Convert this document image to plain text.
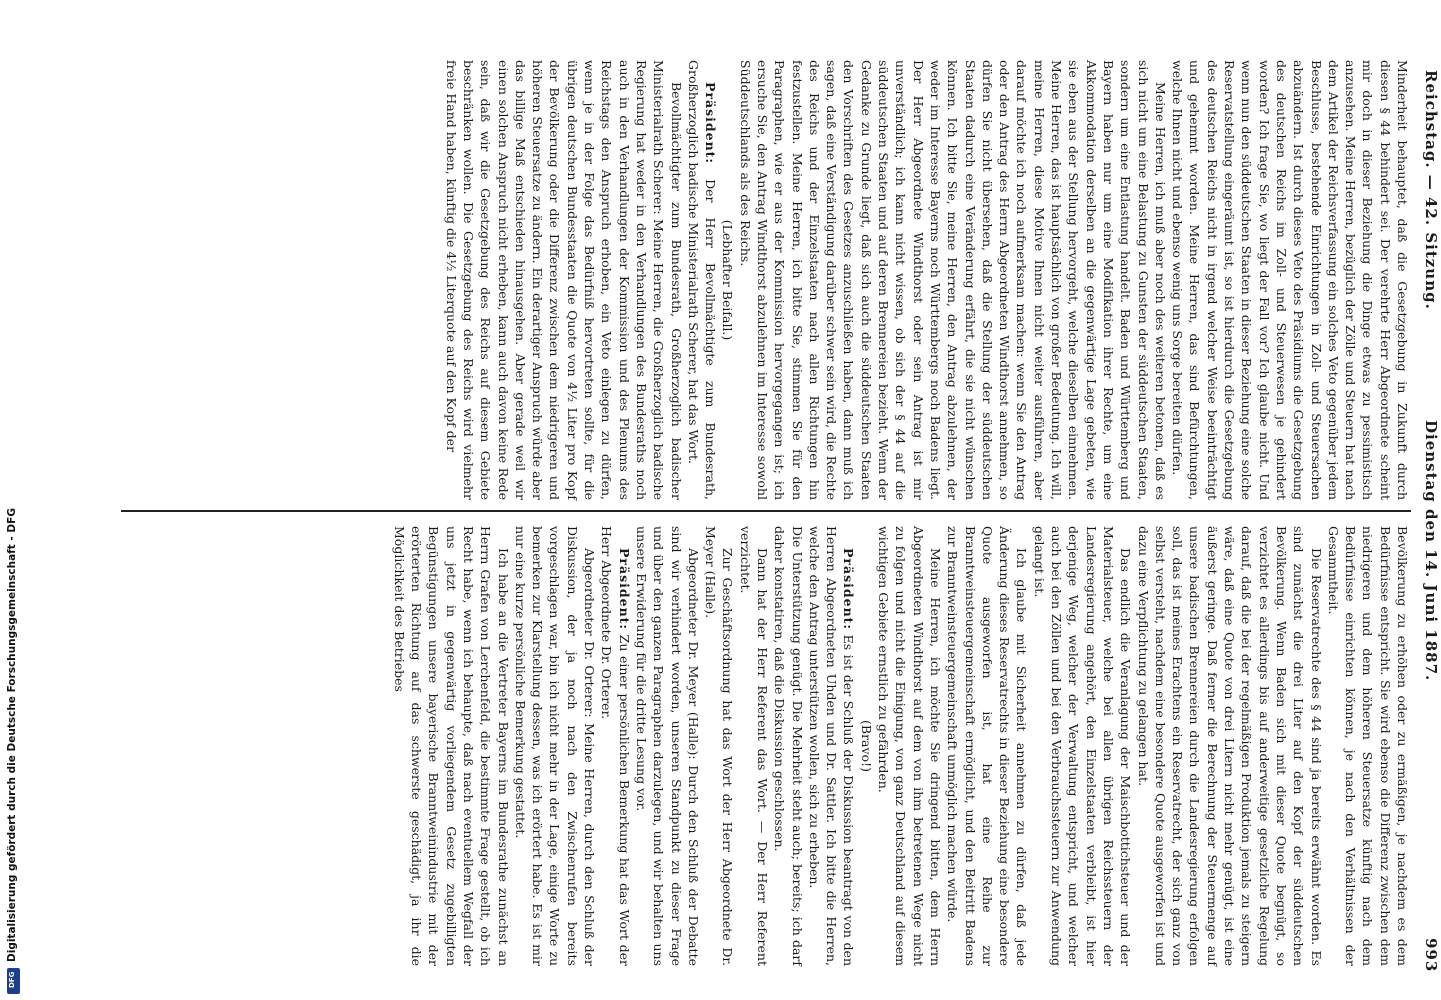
Reichstag. — 42. Sitzung.
Dienstag den 14. Juni 1887.
993

Minderheit behauptet, daß die Gesetzgebung in Zukunft durch diesen § 44 behindert sei. Der verehrte Herr Abgeordnete scheint mir doch in dieser Beziehung die Dinge etwas zu pessimistisch anzusehen. Meine Herren, bezüglich der Zölle und Steuern hat nach dem Artikel der Reichsverfassung ein solches Veto gegenüber jedem Beschlusse, bestehende Einrichtungen in Zoll- und Steuersachen abzuändern. Ist durch dieses Veto des Präsidiums die Gesetzgebung des deutschen Reichs im Zoll- und Steuerwesen je gehindert worden? Ich frage Sie, wo liegt der Fall vor? Ich glaube nicht. Und wenn nun den süddeutschen Staaten in dieser Beziehung eine solche Reservatstellung eingeräumt ist, so ist hierdurch die Gesetzgebung des deutschen Reichs nicht in irgend welcher Weise beeinträchtigt und gehemmt worden. Meine Herren, das sind Befürchtungen, welche Ihnen nicht und ebenso wenig uns Sorge bereiten dürfen.

Meine Herren, ich muß aber noch des weiteren betonen, daß es sich nicht um eine Belastung zu Gunsten der süddeutschen Staaten, sondern um eine Entlastung handelt. Baden und Württemberg und Bayern haben nur um eine Modifikation ihrer Rechte, um eine Akkommodation derselben an die gegenwärtige Lage gebeten, wie sie eben aus der Stellung hervorgeht, welche dieselben einnehmen. Meine Herren, das ist hauptsächlich von großer Bedeutung. Ich will, meine Herren, diese Motive Ihnen nicht weiter ausführen, aber darauf möchte ich noch aufmerksam machen: wenn Sie den Antrag oder den Antrag des Herrn Abgeordneten Windthorst annehmen, so dürfen Sie nicht übersehen, daß die Stellung der süddeutschen Staaten dadurch eine Veränderung erfährt, die sie nicht wünschen können. Ich bitte Sie, meine Herren, den Antrag abzulehnen, der weder im Interesse Bayerns noch Württembergs noch Badens liegt. Der Herr Abgeordnete Windthorst oder sein Antrag ist mir unverständlich; ich kann nicht wissen, ob sich der § 44 auf die süddeutschen Staaten und auf deren Brennereien bezieht. Wenn der Gedanke zu Grunde liegt, daß sich auch die süddeutschen Staaten den Vorschriften des Gesetzes anzuschließen haben, dann muß ich sagen, daß eine Verständigung darüber schwer sein wird, die Rechte des Reichs und der Einzelstaaten nach allen Richtungen hin festzustellen. Meine Herren, ich bitte Sie, stimmen Sie für den Paragraphen, wie er aus der Kommission hervorgegangen ist; ich ersuche Sie, den Antrag Windthorst abzulehnen im Interesse sowohl Süddeutschlands als des Reichs.

(Lebhafter Beifall.)

Präsident: Der Herr Bevollmächtigte zum Bundesrath, Großherzoglich badische Ministerialrath Scherer, hat das Wort.

Bevollmächtigter zum Bundesrath, Großherzoglich badischer Ministerialrath Scherer: Meine Herren, die Großherzoglich badische Regierung hat weder in den Verhandlungen des Bundesraths noch auch in den Verhandlungen der Kommission und des Plenums des Reichstags den Anspruch erhoben, ein Veto einlegen zu dürfen, wenn je in der Folge das Bedürfniß hervortreten sollte, für die übrigen deutschen Bundesstaaten die Quote von 4½ Liter pro Kopf der Bevölkerung oder die Differenz zwischen dem niedrigeren und höheren Steuersatze zu ändern. Ein derartiger Anspruch würde aber das billige Maß entschieden hinausgehen. Aber gerade weil wir einen solchen Anspruch nicht erheben, kann auch davon keine Rede sein, daß wir die Gesetzgebung des Reichs auf diesem Gebiete beschränken wollen. Die Gesetzgebung des Reichs wird vielmehr freie Hand haben, künftig die 4½ Literquote auf den Kopf der

Bevölkerung zu erhöhen oder zu ermäßigen, je nachdem es dem Bedürfnisse entspricht. Sie wird ebenso die Differenz zwischen dem niedrigeren und dem höheren Steuersatze künftig nach dem Bedürfnisse einrichten können, je nach den Verhältnissen der Gesammtheit.

Die Reservatrechte des § 44 sind ja bereits erwähnt worden. Es sind zunächst die drei Liter auf den Kopf der süddeutschen Bevölkerung. Wenn Baden sich mit dieser Quote begnügt, so verzichtet es allerdings bis auf anderweitige gesetzliche Regelung darauf, daß die bei der regelmäßigen Produktion jemals zu steigern wäre, daß eine Quote von drei Litern nicht mehr genügt, ist eine äußerst geringe. Daß ferner die Berechnung der Steuermenge auf unsere badischen Brennereien durch die Landesregierung erfolgen soll, das ist meines Erachtens ein Reservatrecht, der sich ganz von selbst versteht, nachdem eine besondere Quote ausgeworfen ist und dazu eine Verpflichtung zu gelangen hat.

Das endlich die Veranlagung der Maischbottichsteuer und der Materialsteuer, welche bei allen übrigen Reichssteuern der Landesregierung angehört, den Einzelstaaten verbleibt, ist hier derjenige Weg, welcher der Verwaltung entspricht, und welcher auch bei den Zöllen und bei den Verbrauchssteuern zur Anwendung gelangt ist.

Ich glaube mit Sicherheit annehmen zu dürfen, daß jede Änderung dieses Reservatrechts in dieser Beziehung eine besondere Quote ausgeworfen ist, hat eine Reihe zur Branntweinsteuergemeinschaft ermöglicht, und den Beitritt Badens zur Branntweinsteuergemeinschaft unmöglich machen würde.

Meine Herren, ich möchte Sie dringend bitten, dem Herrn Abgeordneten Windthorst auf dem von ihm betretenen Wege nicht zu folgen und nicht die Einigung, von ganz Deutschland auf diesem wichtigen Gebiete ernstlich zu gefährden.

(Bravo!)

Präsident: Es ist der Schluß der Diskussion beantragt von den Herren Abgeordneten Uhden und Dr. Sattler. Ich bitte die Herren, welche den Antrag unterstützen wollen, sich zu erheben.

Die Unterstützung genügt. Die Mehrheit steht auch; bereits; ich darf daher konstatiren, daß die Diskussion geschlossen.

Dann hat der Herr Referent das Wort. — Der Herr Referent verzichtet.

Zur Geschäftsordnung hat das Wort der Herr Abgeordnete Dr. Meyer (Halle).

Abgeordneter Dr. Meyer (Halle): Durch den Schluß der Debatte sind wir verhindert worden, unseren Standpunkt zu dieser Frage und über den ganzen Paragraphen darzulegen, und wir behalten uns unsere Erwiderung für die dritte Lesung vor.

Präsident: Zu einer persönlichen Bemerkung hat das Wort der Herr Abgeordnete Dr. Orterer.

Abgeordneter Dr. Orterer: Meine Herren, durch den Schluß der Diskussion, der ja noch nach den Zwischenrufen bereits vorgeschlagen war, bin ich nicht mehr in der Lage, einige Worte zu bemerken zur Klarstellung dessen, was ich erörtert habe. Es ist mir nur eine kurze persönliche Bemerkung gestattet.

Ich habe an die Vertreter Bayerns im Bundesrathe zunächst an Herrn Grafen von Lerchenfeld, die bestimmte Frage gestellt, ob ich Recht habe, wenn ich behaupte, daß nach eventuellem Wegfall der uns jetzt in gegenwärtig vorliegendem Gesetz zugebilligten Begünstigungen unsere bayerische Branntweinindustrie mit der erörterten Richtung auf das schwerste geschädigt, ja ihr die Möglichkeit des Betriebes

Digitalisierung gefördert durch die Deutsche Forschungsgemeinschaft - DFG
DFG
